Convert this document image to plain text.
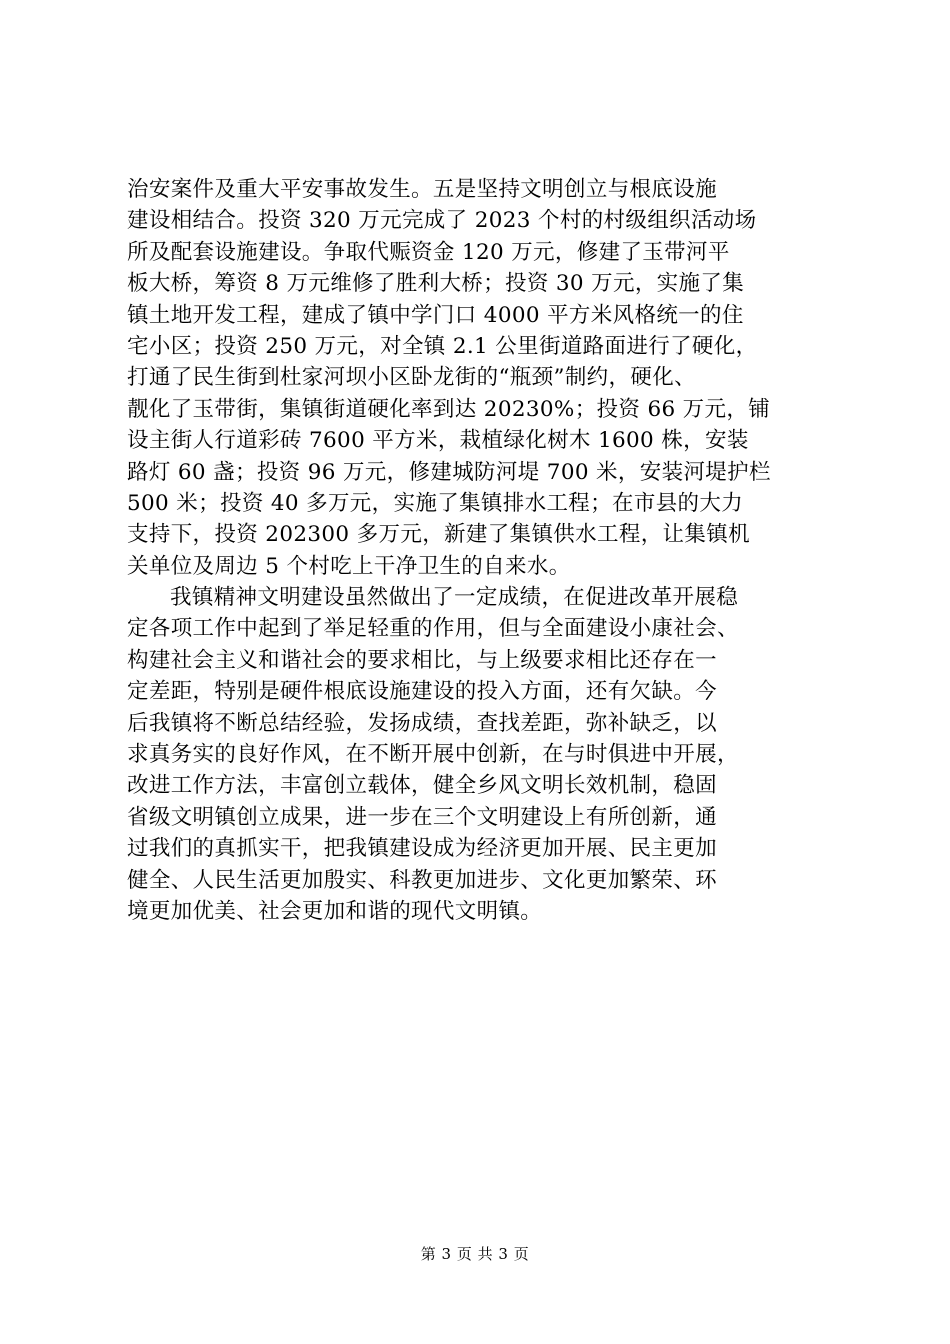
治安案件及重大平安事故发生。五是坚持文明创立与根底设施
建设相结合。投资 320 万元完成了 2023 个村的村级组织活动场
所及配套设施建设。争取代赈资金 120 万元，修建了玉带河平
板大桥，筹资 8 万元维修了胜利大桥；投资 30 万元，实施了集
镇土地开发工程，建成了镇中学门口 4000 平方米风格统一的住
宅小区；投资 250 万元，对全镇 2.1 公里街道路面进行了硬化，
打通了民生街到杜家河坝小区卧龙街的“瓶颈”制约，硬化、
靓化了玉带街，集镇街道硬化率到达 20230%；投资 66 万元，铺
设主街人行道彩砖 7600 平方米，栽植绿化树木 1600 株，安装
路灯 60 盏；投资 96 万元，修建城防河堤 700 米，安装河堤护栏
500 米；投资 40 多万元，实施了集镇排水工程；在市县的大力
支持下，投资 202300 多万元，新建了集镇供水工程，让集镇机
关单位及周边 5 个村吃上干净卫生的自来水。
我镇精神文明建设虽然做出了一定成绩，在促进改革开展稳
定各项工作中起到了举足轻重的作用，但与全面建设小康社会、
构建社会主义和谐社会的要求相比，与上级要求相比还存在一
定差距，特别是硬件根底设施建设的投入方面，还有欠缺。今
后我镇将不断总结经验，发扬成绩，查找差距，弥补缺乏，以
求真务实的良好作风，在不断开展中创新，在与时俱进中开展，
改进工作方法，丰富创立载体，健全乡风文明长效机制，稳固
省级文明镇创立成果，进一步在三个文明建设上有所创新，通
过我们的真抓实干，把我镇建设成为经济更加开展、民主更加
健全、人民生活更加殷实、科教更加进步、文化更加繁荣、环
境更加优美、社会更加和谐的现代文明镇。
第 3 页 共 3 页
